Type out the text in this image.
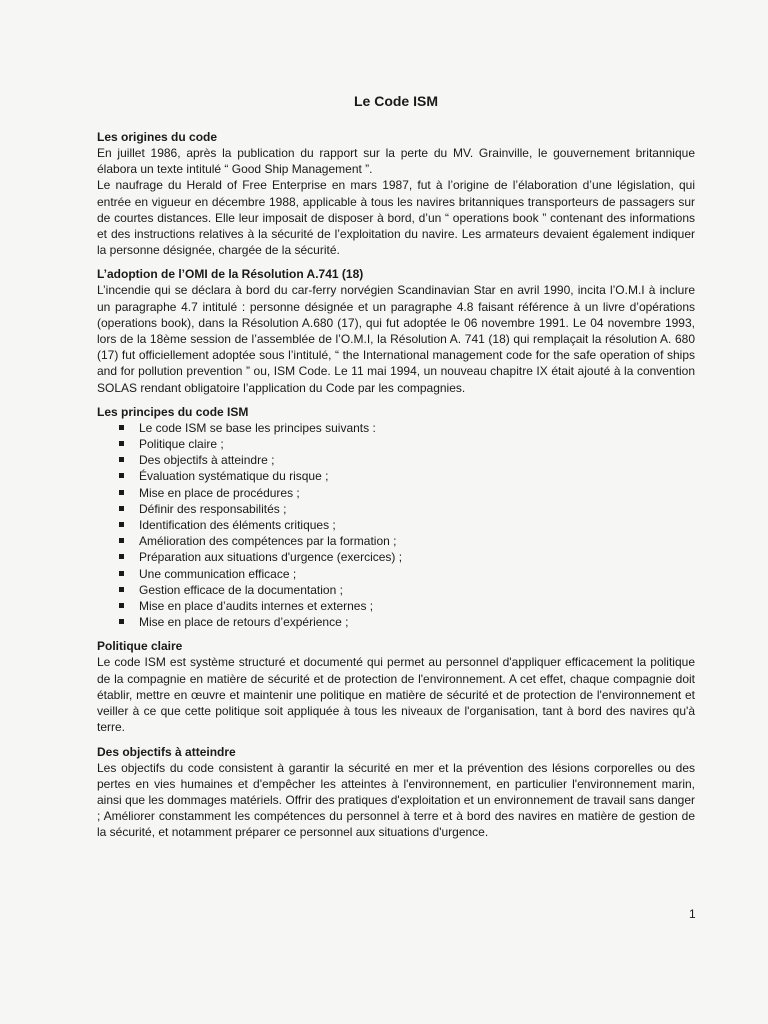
Le Code ISM
Les origines du code

En juillet 1986, après la publication du rapport sur la perte du MV. Grainville, le gouvernement britannique élabora un texte intitulé “ Good Ship Management ”.

Le naufrage du Herald of Free Enterprise en mars 1987, fut à l’origine de l’élaboration d’une législation, qui entrée en vigueur en décembre 1988, applicable à tous les navires britanniques transporteurs de passagers sur de courtes distances. Elle leur imposait de disposer à bord, d’un “ operations book ” contenant des informations et des instructions relatives à la sécurité de l’exploitation du navire. Les armateurs devaient également indiquer la personne désignée, chargée de la sécurité.

L’adoption de l’OMI de la Résolution A.741 (18)

L’incendie qui se déclara à bord du car-ferry norvégien Scandinavian Star en avril 1990, incita l’O.M.I à inclure un paragraphe 4.7 intitulé : personne désignée et un paragraphe 4.8 faisant référence à un livre d’opérations (operations book), dans la Résolution A.680 (17), qui fut adoptée le 06 novembre 1991. Le 04 novembre 1993, lors de la 18ème session de l’assemblée de l’O.M.I, la Résolution A. 741 (18) qui remplaçait la résolution A. 680 (17) fut officiellement adoptée sous l’intitulé, “ the International management code for the safe operation of ships and for pollution prevention ” ou, ISM Code. Le 11 mai 1994, un nouveau chapitre IX était ajouté à la convention SOLAS rendant obligatoire l’application du Code par les compagnies.

Les principes du code ISM
Le code ISM se base les principes suivants :
Politique claire ;
Des objectifs à atteindre ;
Évaluation systématique du risque ;
Mise en place de procédures ;
Définir des responsabilités ;
Identification des éléments critiques ;
Amélioration des compétences par la formation ;
Préparation aux situations d'urgence (exercices) ;
Une communication efficace ;
Gestion efficace de la documentation ;
Mise en place d’audits internes et externes ;
Mise en place de retours d’expérience ;
Politique claire

Le code ISM est système structuré et documenté qui permet au personnel d'appliquer efficacement la politique de la compagnie en matière de sécurité et de protection de l'environnement. A cet effet, chaque compagnie doit établir, mettre en œuvre et maintenir une politique en matière de sécurité et de protection de l'environnement et veiller à ce que cette politique soit appliquée à tous les niveaux de l'organisation, tant à bord des navires qu'à terre.

Des objectifs à atteindre

Les objectifs du code consistent à garantir la sécurité en mer et la prévention des lésions corporelles ou des pertes en vies humaines et d'empêcher les atteintes à l'environnement, en particulier l'environnement marin, ainsi que les dommages matériels. Offrir des pratiques d'exploitation et un environnement de travail sans danger ; Améliorer constamment les compétences du personnel à terre et à bord des navires en matière de gestion de la sécurité, et notamment préparer ce personnel aux situations d'urgence.

1
